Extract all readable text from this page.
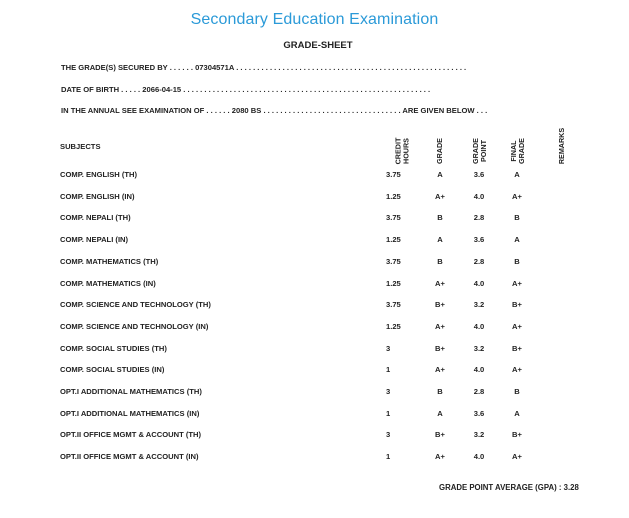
Secondary Education Examination
GRADE-SHEET
THE GRADE(S) SECURED BY . . . . . . 07304571A . . . . . . . . . . . . . . . . . . . . . . . . . . . . . . . . . . . . . . . . . . . . . . . . . . . . . . .
DATE OF BIRTH . . . . . 2066-04-15 . . . . . . . . . . . . . . . . . . . . . . . . . . . . . . . . . . . . . . . . . . . . . . . . . . . . . . . . . . .
IN THE ANNUAL SEE EXAMINATION OF . . . . . . 2080 BS . . . . . . . . . . . . . . . . . . . . . . . . . . . . . . . . . ARE GIVEN BELOW . . .
SUBJECTS	CREDIT HOURS	GRADE	GRADE POINT	FINAL GRADE	REMARKS
COMP. ENGLISH (TH)	3.75	A	3.6	A
COMP. ENGLISH (IN)	1.25	A+	4.0	A+
COMP. NEPALI (TH)	3.75	B	2.8	B
COMP. NEPALI (IN)	1.25	A	3.6	A
COMP. MATHEMATICS (TH)	3.75	B	2.8	B
COMP. MATHEMATICS (IN)	1.25	A+	4.0	A+
COMP. SCIENCE AND TECHNOLOGY (TH)	3.75	B+	3.2	B+
COMP. SCIENCE AND TECHNOLOGY (IN)	1.25	A+	4.0	A+
COMP. SOCIAL STUDIES (TH)	3	B+	3.2	B+
COMP. SOCIAL STUDIES (IN)	1	A+	4.0	A+
OPT.I ADDITIONAL MATHEMATICS (TH)	3	B	2.8	B
OPT.I ADDITIONAL MATHEMATICS (IN)	1	A	3.6	A
OPT.II OFFICE MGMT & ACCOUNT (TH)	3	B+	3.2	B+
OPT.II OFFICE MGMT & ACCOUNT (IN)	1	A+	4.0	A+
GRADE POINT AVERAGE (GPA) : 3.28
